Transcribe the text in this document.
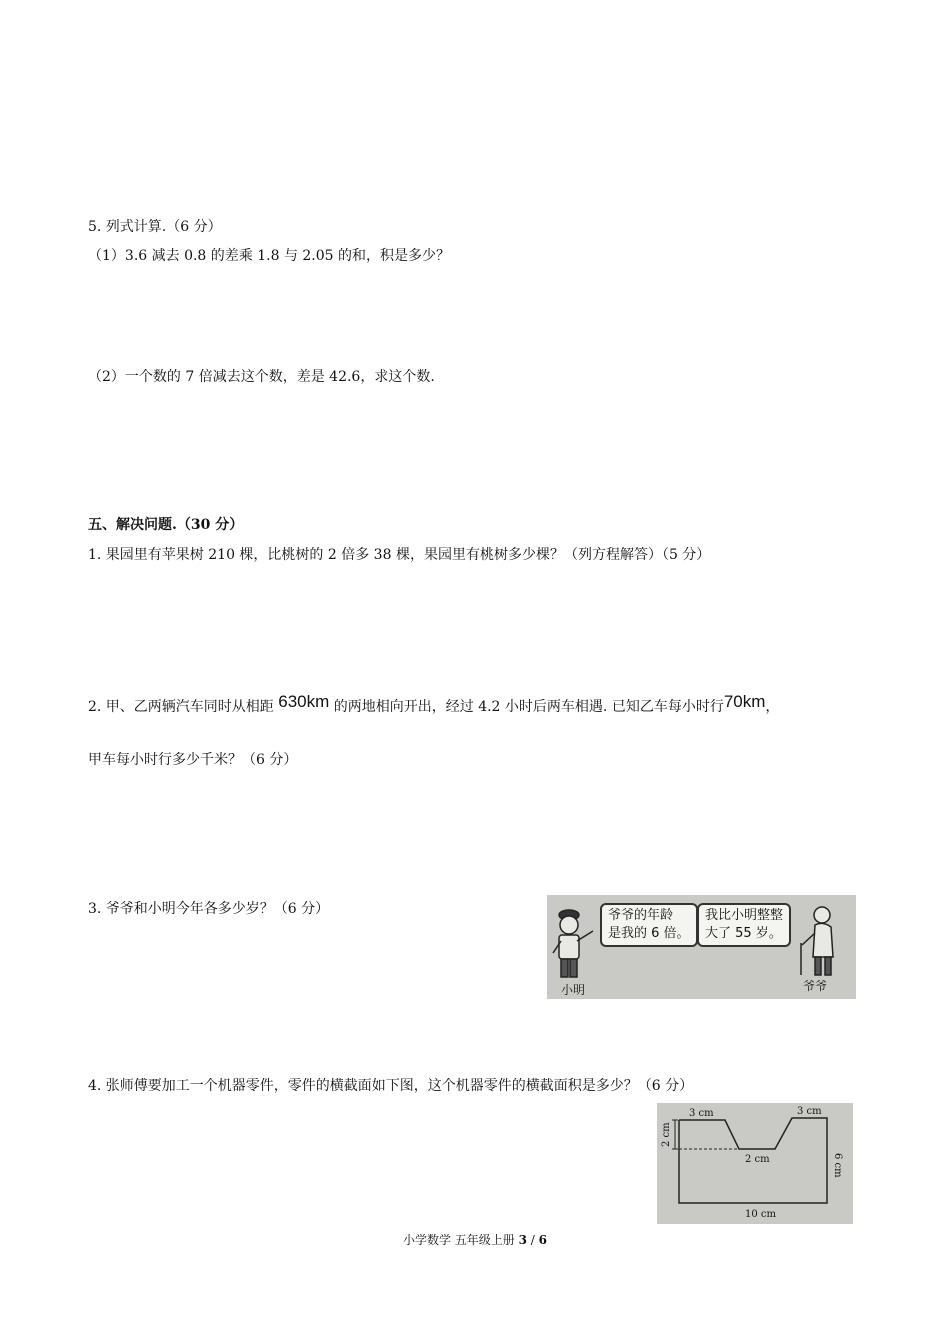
5. 列式计算.（6 分）
（1）3.6 减去 0.8 的差乘 1.8 与 2.05 的和，积是多少？
（2）一个数的 7 倍减去这个数，差是 42.6，求这个数.
五、解决问题.（30 分）
1. 果园里有苹果树 210 棵，比桃树的 2 倍多 38 棵，果园里有桃树多少棵？（列方程解答）（5 分）
2. 甲、乙两辆汽车同时从相距 630km 的两地相向开出，经过 4.2 小时后两车相遇. 已知乙车每小时行70km，
甲车每小时行多少千米？（6 分）
3. 爷爷和小明今年各多少岁？（6 分）	爷爷的年龄
是我的 6 倍。
我比小明整整
大了 55 岁。
小明	爷爷
4. 张师傅要加工一个机器零件，零件的横截面如下图，这个机器零件的横截面积是多少？（6 分）
3 cm	3 cm
2 cm
2 cm	6 cm
10 cm
小学数学 五年级上册 3 / 6
